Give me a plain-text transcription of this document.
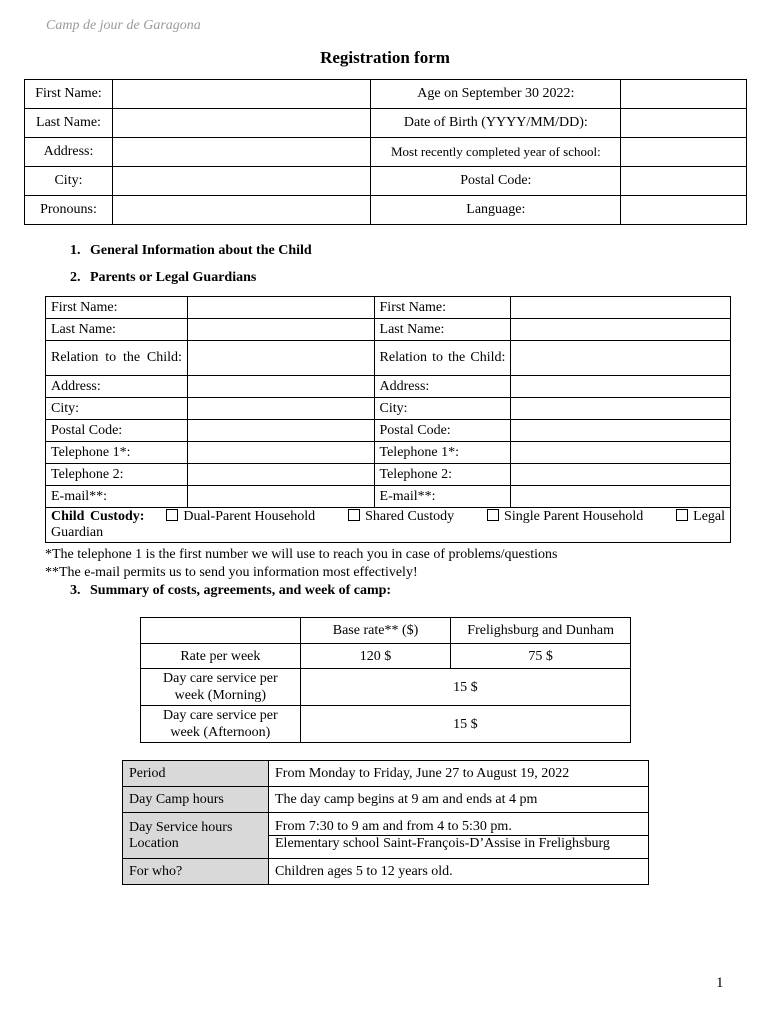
Camp de jour de Garagona
Registration form
First Name:		Age on September 30 2022:	
Last Name:		Date of Birth (YYYY/MM/DD):	
Address:		Most recently completed year of school:	
City:		Postal Code:	
Pronouns:		Language:	
1. General Information about the Child
2. Parents or Legal Guardians
First Name:		First Name:	
Last Name:		Last Name:	
Relation to the Child:		Relation to the Child:	
Address:		Address:	
City:		City:	
Postal Code:		Postal Code:	
Telephone 1*:		Telephone 1*:	
Telephone 2:		Telephone 2:	
E-mail**:		E-mail**:	
Child Custody: Dual-Parent Household Shared Custody Single Parent Household Legal Guardian			
*The telephone 1 is the first number we will use to reach you in case of problems/questions
**The e-mail permits us to send you information most effectively!
3. Summary of costs, agreements, and week of camp:
	Base rate** ($)	Frelighsburg and Dunham
Rate per week	120 $	75 $
Day care service per week (Morning)	15 $	
Day care service per week (Afternoon)	15 $	
Period	From Monday to Friday, June 27 to August 19, 2022
Day Camp hours	The day camp begins at 9 am and ends at 4 pm
Day Service hours	From 7:30 to 9 am and from 4 to 5:30 pm.
Location	Elementary school Saint-François-D’Assise in Frelighsburg
For who?	Children ages 5 to 12 years old.
1
